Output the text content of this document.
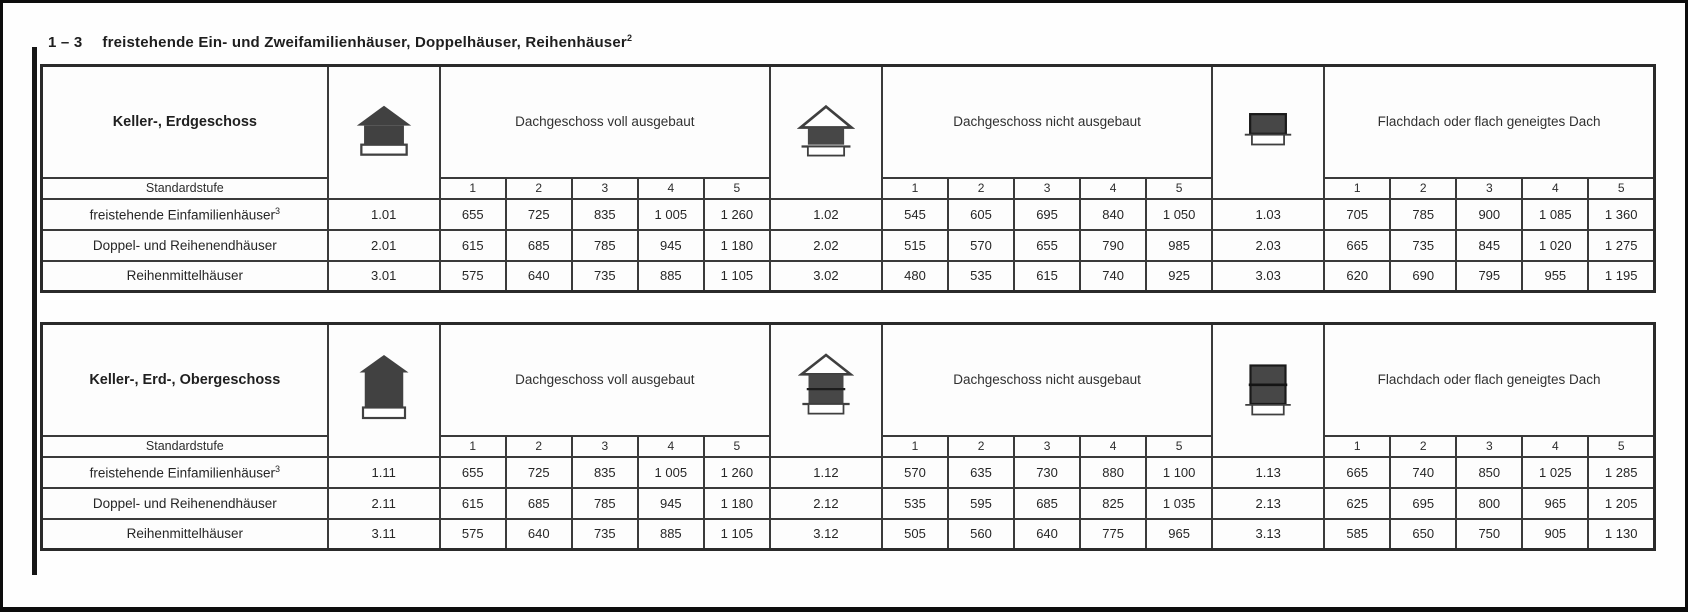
1 – 3 freistehende Ein- und Zweifamilienhäuser, Doppelhäuser, Reihenhäuser$^2$
Keller-, Erdgeschoss		Dachgeschoss voll ausgebaut						Dachgeschoss nicht ausgebaut						Flachdach oder flach geneigtes Dach				
Standardstufe		1	2	3	4	5		1	2	3	4	5		1	2	3	4	5
freistehende Einfamilienhäuser$^3$	1.01	655	725	835	1 005	1 260	1.02	545	605	695	840	1 050	1.03	705	785	900	1 085	1 360
Doppel- und Reihenendhäuser	2.01	615	685	785	945	1 180	2.02	515	570	655	790	985	2.03	665	735	845	1 020	1 275
Reihenmittelhäuser	3.01	575	640	735	885	1 105	3.02	480	535	615	740	925	3.03	620	690	795	955	1 195
Keller-, Erd-, Obergeschoss		Dachgeschoss voll ausgebaut						Dachgeschoss nicht ausgebaut						Flachdach oder flach geneigtes Dach				
Standardstufe		1	2	3	4	5		1	2	3	4	5		1	2	3	4	5
freistehende Einfamilienhäuser$^3$	1.11	655	725	835	1 005	1 260	1.12	570	635	730	880	1 100	1.13	665	740	850	1 025	1 285
Doppel- und Reihenendhäuser	2.11	615	685	785	945	1 180	2.12	535	595	685	825	1 035	2.13	625	695	800	965	1 205
Reihenmittelhäuser	3.11	575	640	735	885	1 105	3.12	505	560	640	775	965	3.13	585	650	750	905	1 130
